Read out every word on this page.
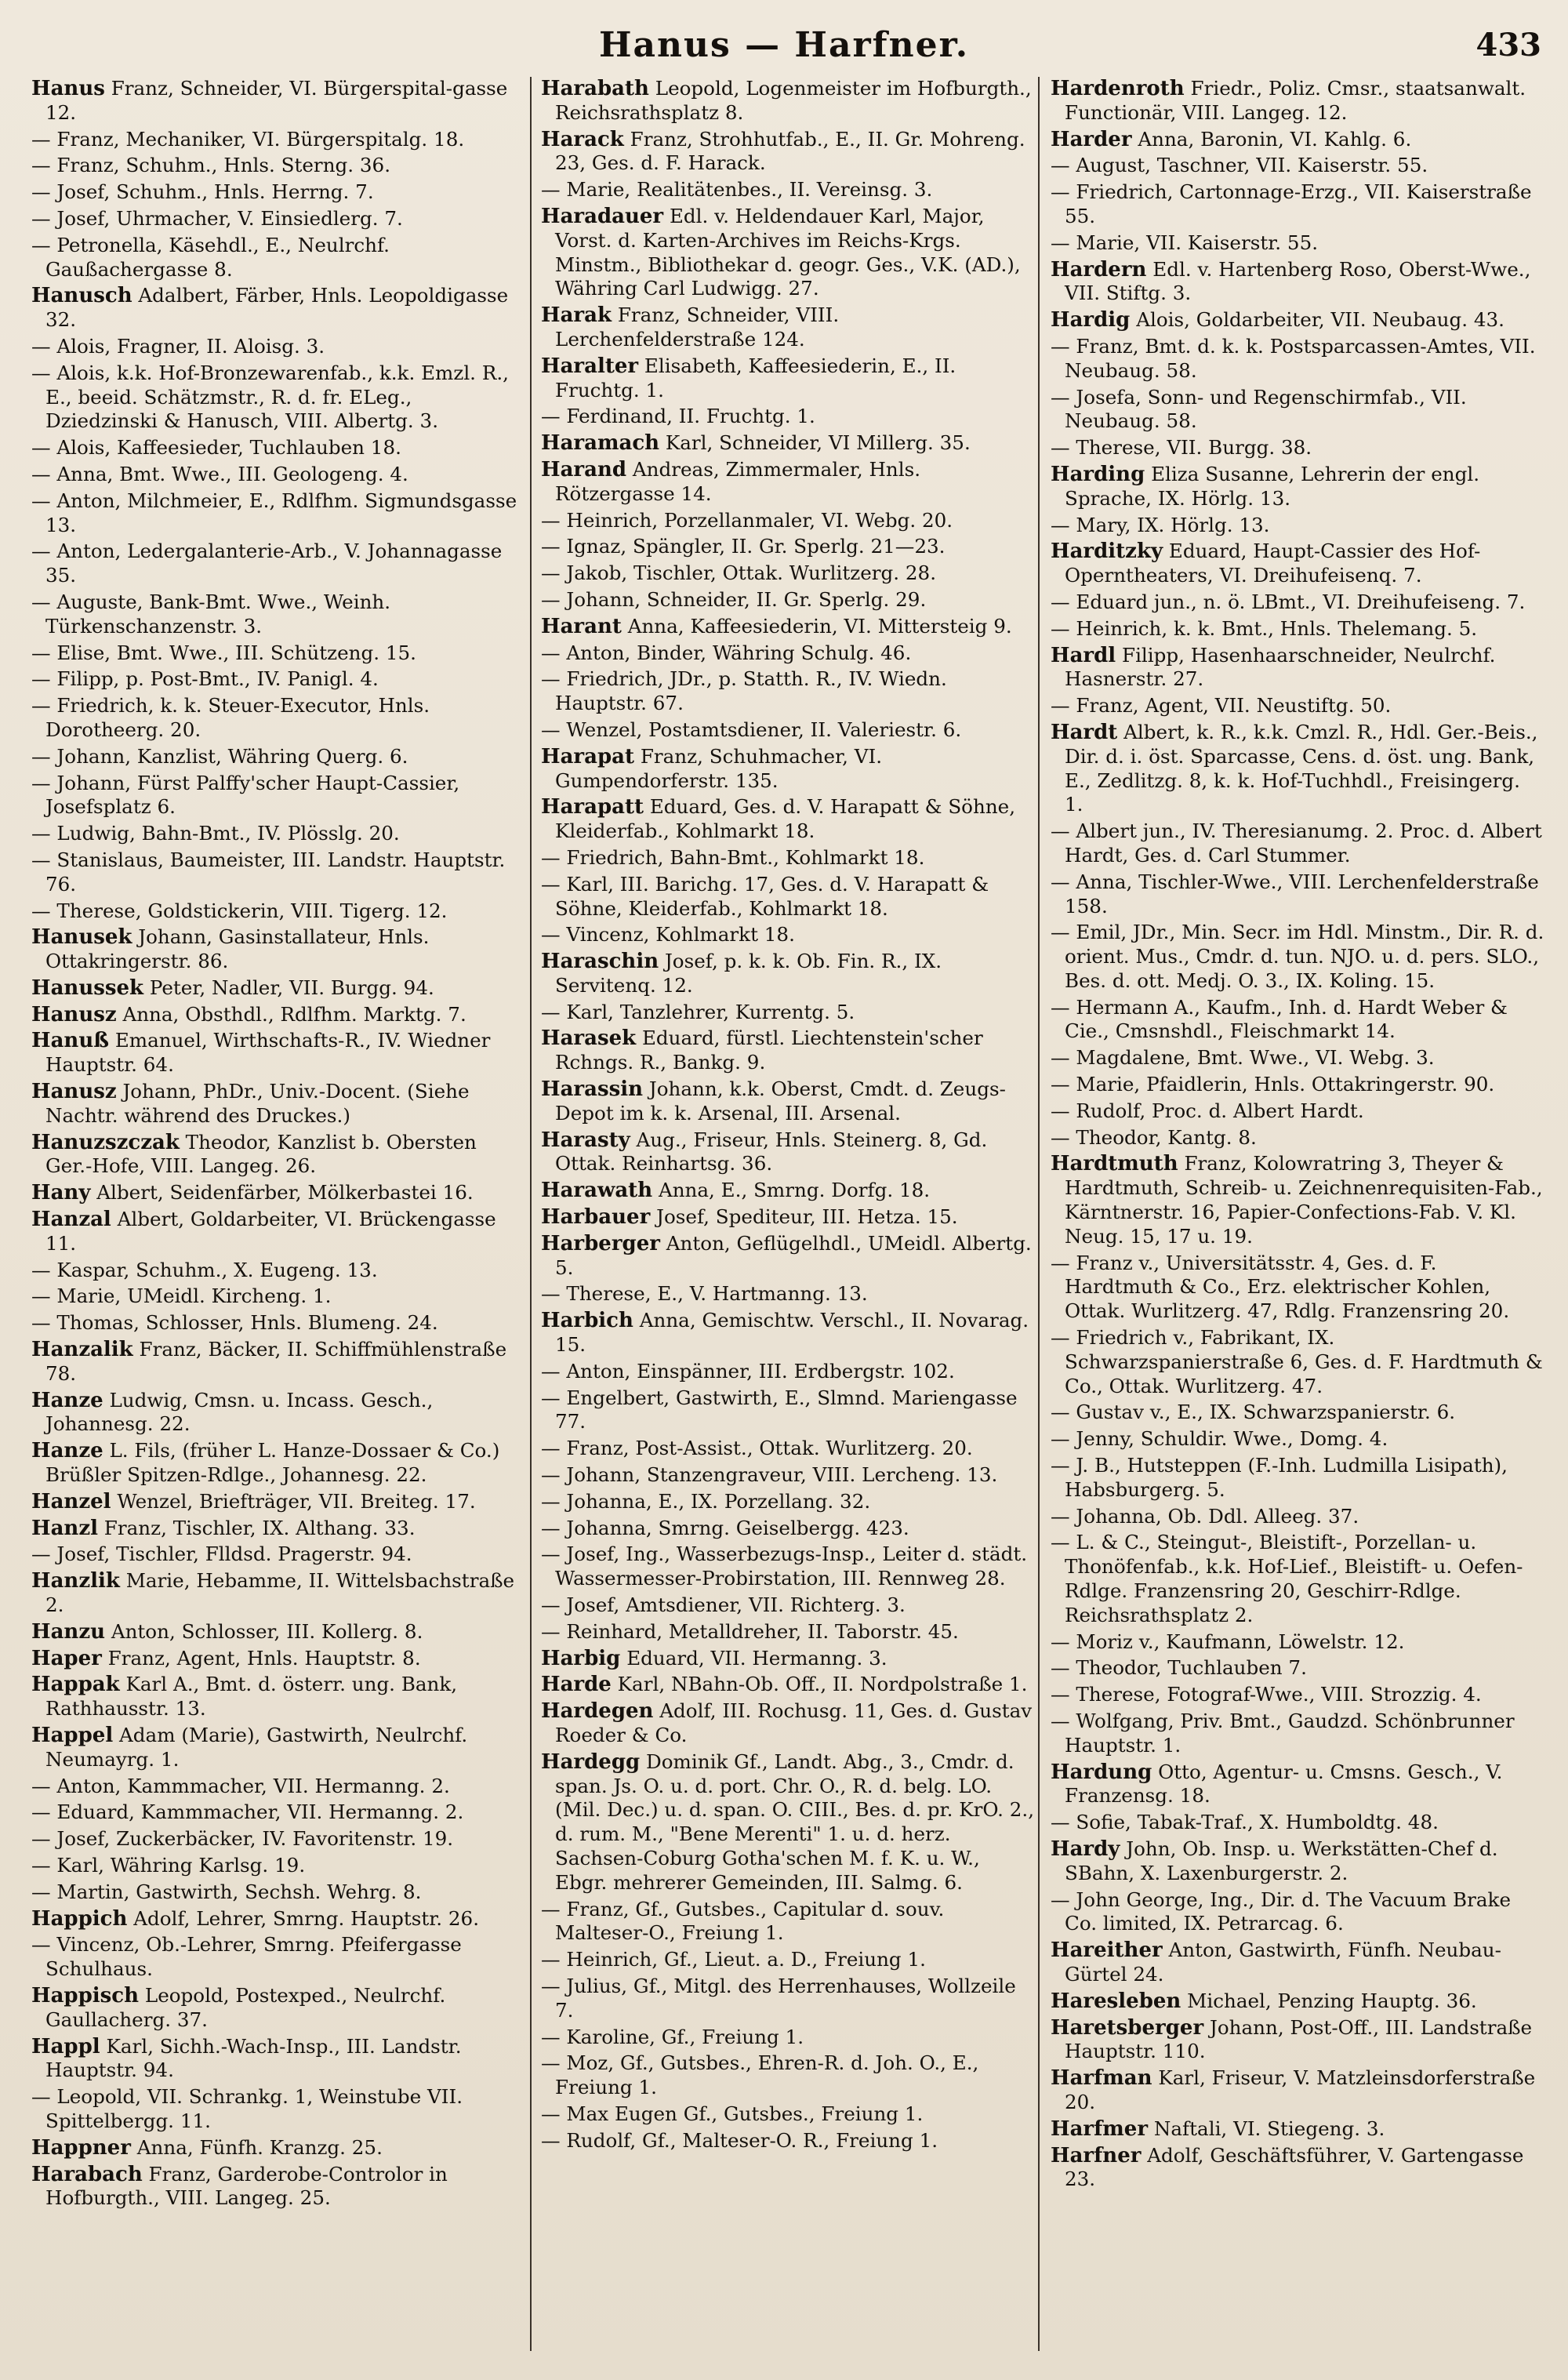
Hanus — Harfner.	433
Hanus Franz, Schneider, VI. Bürgerspital-gasse 12.
— Franz, Mechaniker, VI. Bürgerspitalg. 18.
— Franz, Schuhm., Hnls. Sterng. 36.
— Josef, Schuhm., Hnls. Herrng. 7.
— Josef, Uhrmacher, V. Einsiedlerg. 7.
— Petronella, Käsehdl., E., Neulrchf. Gaußachergasse 8.
Hanusch Adalbert, Färber, Hnls. Leopoldigasse 32.
— Alois, Fragner, II. Aloisg. 3.
— Alois, k.k. Hof-Bronzewarenfab., k.k. Emzl. R., E., beeid. Schätzmstr., R. d. fr. ELeg., Dziedzinski & Hanusch, VIII. Albertg. 3.
— Alois, Kaffeesieder, Tuchlauben 18.
— Anna, Bmt. Wwe., III. Geologeng. 4.
— Anton, Milchmeier, E., Rdlfhm. Sigmundsgasse 13.
— Anton, Ledergalanterie-Arb., V. Johannagasse 35.
— Auguste, Bank-Bmt. Wwe., Weinh. Türkenschanzenstr. 3.
— Elise, Bmt. Wwe., III. Schützeng. 15.
— Filipp, p. Post-Bmt., IV. Panigl. 4.
— Friedrich, k. k. Steuer-Executor, Hnls. Dorotheerg. 20.
— Johann, Kanzlist, Währing Querg. 6.
— Johann, Fürst Palffy'scher Haupt-Cassier, Josefsplatz 6.
— Ludwig, Bahn-Bmt., IV. Plösslg. 20.
— Stanislaus, Baumeister, III. Landstr. Hauptstr. 76.
— Therese, Goldstickerin, VIII. Tigerg. 12.
Hanusek Johann, Gasinstallateur, Hnls. Ottakringerstr. 86.
Hanussek Peter, Nadler, VII. Burgg. 94.
Hanusz Anna, Obsthdl., Rdlfhm. Marktg. 7.
Hanuß Emanuel, Wirthschafts-R., IV. Wiedner Hauptstr. 64.
Hanusz Johann, PhDr., Univ.-Docent. (Siehe Nachtr. während des Druckes.)
Hanuzszczak Theodor, Kanzlist b. Obersten Ger.-Hofe, VIII. Langeg. 26.
Hany Albert, Seidenfärber, Mölkerbastei 16.
Hanzal Albert, Goldarbeiter, VI. Brückengasse 11.
— Kaspar, Schuhm., X. Eugeng. 13.
— Marie, UMeidl. Kircheng. 1.
— Thomas, Schlosser, Hnls. Blumeng. 24.
Hanzalik Franz, Bäcker, II. Schiffmühlenstraße 78.
Hanze Ludwig, Cmsn. u. Incass. Gesch., Johannesg. 22.
Hanze L. Fils, (früher L. Hanze-Dossaer & Co.) Brüßler Spitzen-Rdlge., Johannesg. 22.
Hanzel Wenzel, Briefträger, VII. Breiteg. 17.
Hanzl Franz, Tischler, IX. Althang. 33.
— Josef, Tischler, Flldsd. Pragerstr. 94.
Hanzlik Marie, Hebamme, II. Wittelsbachstraße 2.
Hanzu Anton, Schlosser, III. Kollerg. 8.
Haper Franz, Agent, Hnls. Hauptstr. 8.
Happak Karl A., Bmt. d. österr. ung. Bank, Rathhausstr. 13.
Happel Adam (Marie), Gastwirth, Neulrchf. Neumayrg. 1.
— Anton, Kammmacher, VII. Hermanng. 2.
— Eduard, Kammmacher, VII. Hermanng. 2.
— Josef, Zuckerbäcker, IV. Favoritenstr. 19.
— Karl, Währing Karlsg. 19.
— Martin, Gastwirth, Sechsh. Wehrg. 8.
Happich Adolf, Lehrer, Smrng. Hauptstr. 26.
— Vincenz, Ob.-Lehrer, Smrng. Pfeifergasse Schulhaus.
Happisch Leopold, Postexped., Neulrchf. Gaullacherg. 37.
Happl Karl, Sichh.-Wach-Insp., III. Landstr. Hauptstr. 94.
— Leopold, VII. Schrankg. 1, Weinstube VII. Spittelbergg. 11.
Happner Anna, Fünfh. Kranzg. 25.
Harabach Franz, Garderobe-Controlor in Hofburgth., VIII. Langeg. 25.
Harabath Leopold, Logenmeister im Hofburgth., Reichsrathsplatz 8.
Harack Franz, Strohhutfab., E., II. Gr. Mohreng. 23, Ges. d. F. Harack.
— Marie, Realitätenbes., II. Vereinsg. 3.
Haradauer Edl. v. Heldendauer Karl, Major, Vorst. d. Karten-Archives im Reichs-Krgs. Minstm., Bibliothekar d. geogr. Ges., V.K. (AD.), Währing Carl Ludwigg. 27.
Harak Franz, Schneider, VIII. Lerchenfelderstraße 124.
Haralter Elisabeth, Kaffeesiederin, E., II. Fruchtg. 1.
— Ferdinand, II. Fruchtg. 1.
Haramach Karl, Schneider, VI Millerg. 35.
Harand Andreas, Zimmermaler, Hnls. Rötzergasse 14.
— Heinrich, Porzellanmaler, VI. Webg. 20.
— Ignaz, Spängler, II. Gr. Sperlg. 21—23.
— Jakob, Tischler, Ottak. Wurlitzerg. 28.
— Johann, Schneider, II. Gr. Sperlg. 29.
Harant Anna, Kaffeesiederin, VI. Mittersteig 9.
— Anton, Binder, Währing Schulg. 46.
— Friedrich, JDr., p. Statth. R., IV. Wiedn. Hauptstr. 67.
— Wenzel, Postamtsdiener, II. Valeriestr. 6.
Harapat Franz, Schuhmacher, VI. Gumpendorferstr. 135.
Harapatt Eduard, Ges. d. V. Harapatt & Söhne, Kleiderfab., Kohlmarkt 18.
— Friedrich, Bahn-Bmt., Kohlmarkt 18.
— Karl, III. Barichg. 17, Ges. d. V. Harapatt & Söhne, Kleiderfab., Kohlmarkt 18.
— Vincenz, Kohlmarkt 18.
Haraschin Josef, p. k. k. Ob. Fin. R., IX. Servitenq. 12.
— Karl, Tanzlehrer, Kurrentg. 5.
Harasek Eduard, fürstl. Liechtenstein'scher Rchngs. R., Bankg. 9.
Harassin Johann, k.k. Oberst, Cmdt. d. Zeugs-Depot im k. k. Arsenal, III. Arsenal.
Harasty Aug., Friseur, Hnls. Steinerg. 8, Gd. Ottak. Reinhartsg. 36.
Harawath Anna, E., Smrng. Dorfg. 18.
Harbauer Josef, Spediteur, III. Hetza. 15.
Harberger Anton, Geflügelhdl., UMeidl. Albertg. 5.
— Therese, E., V. Hartmanng. 13.
Harbich Anna, Gemischtw. Verschl., II. Novarag. 15.
— Anton, Einspänner, III. Erdbergstr. 102.
— Engelbert, Gastwirth, E., Slmnd. Mariengasse 77.
— Franz, Post-Assist., Ottak. Wurlitzerg. 20.
— Johann, Stanzengraveur, VIII. Lercheng. 13.
— Johanna, E., IX. Porzellang. 32.
— Johanna, Smrng. Geiselbergg. 423.
— Josef, Ing., Wasserbezugs-Insp., Leiter d. städt. Wassermesser-Probirstation, III. Rennweg 28.
— Josef, Amtsdiener, VII. Richterg. 3.
— Reinhard, Metalldreher, II. Taborstr. 45.
Harbig Eduard, VII. Hermanng. 3.
Harde Karl, NBahn-Ob. Off., II. Nordpolstraße 1.
Hardegen Adolf, III. Rochusg. 11, Ges. d. Gustav Roeder & Co.
Hardegg Dominik Gf., Landt. Abg., 3., Cmdr. d. span. Js. O. u. d. port. Chr. O., R. d. belg. LO. (Mil. Dec.) u. d. span. O. CIII., Bes. d. pr. KrO. 2., d. rum. M., "Bene Merenti" 1. u. d. herz. Sachsen-Coburg Gotha'schen M. f. K. u. W., Ebgr. mehrerer Gemeinden, III. Salmg. 6.
— Franz, Gf., Gutsbes., Capitular d. souv. Malteser-O., Freiung 1.
— Heinrich, Gf., Lieut. a. D., Freiung 1.
— Julius, Gf., Mitgl. des Herrenhauses, Wollzeile 7.
— Karoline, Gf., Freiung 1.
— Moz, Gf., Gutsbes., Ehren-R. d. Joh. O., E., Freiung 1.
— Max Eugen Gf., Gutsbes., Freiung 1.
— Rudolf, Gf., Malteser-O. R., Freiung 1.
Hardenroth Friedr., Poliz. Cmsr., staatsanwalt. Functionär, VIII. Langeg. 12.
Harder Anna, Baronin, VI. Kahlg. 6.
— August, Taschner, VII. Kaiserstr. 55.
— Friedrich, Cartonnage-Erzg., VII. Kaiserstraße 55.
— Marie, VII. Kaiserstr. 55.
Hardern Edl. v. Hartenberg Roso, Oberst-Wwe., VII. Stiftg. 3.
Hardig Alois, Goldarbeiter, VII. Neubaug. 43.
— Franz, Bmt. d. k. k. Postsparcassen-Amtes, VII. Neubaug. 58.
— Josefa, Sonn- und Regenschirmfab., VII. Neubaug. 58.
— Therese, VII. Burgg. 38.
Harding Eliza Susanne, Lehrerin der engl. Sprache, IX. Hörlg. 13.
— Mary, IX. Hörlg. 13.
Harditzky Eduard, Haupt-Cassier des Hof-Operntheaters, VI. Dreihufeisenq. 7.
— Eduard jun., n. ö. LBmt., VI. Dreihufeiseng. 7.
— Heinrich, k. k. Bmt., Hnls. Thelemang. 5.
Hardl Filipp, Hasenhaarschneider, Neulrchf. Hasnerstr. 27.
— Franz, Agent, VII. Neustiftg. 50.
Hardt Albert, k. R., k.k. Cmzl. R., Hdl. Ger.-Beis., Dir. d. i. öst. Sparcasse, Cens. d. öst. ung. Bank, E., Zedlitzg. 8, k. k. Hof-Tuchhdl., Freisingerg. 1.
— Albert jun., IV. Theresianumg. 2. Proc. d. Albert Hardt, Ges. d. Carl Stummer.
— Anna, Tischler-Wwe., VIII. Lerchenfelderstraße 158.
— Emil, JDr., Min. Secr. im Hdl. Minstm., Dir. R. d. orient. Mus., Cmdr. d. tun. NJO. u. d. pers. SLO., Bes. d. ott. Medj. O. 3., IX. Koling. 15.
— Hermann A., Kaufm., Inh. d. Hardt Weber & Cie., Cmsnshdl., Fleischmarkt 14.
— Magdalene, Bmt. Wwe., VI. Webg. 3.
— Marie, Pfaidlerin, Hnls. Ottakringerstr. 90.
— Rudolf, Proc. d. Albert Hardt.
— Theodor, Kantg. 8.
Hardtmuth Franz, Kolowratring 3, Theyer & Hardtmuth, Schreib- u. Zeichnenrequisiten-Fab., Kärntnerstr. 16, Papier-Confections-Fab. V. Kl. Neug. 15, 17 u. 19.
— Franz v., Universitätsstr. 4, Ges. d. F. Hardtmuth & Co., Erz. elektrischer Kohlen, Ottak. Wurlitzerg. 47, Rdlg. Franzensring 20.
— Friedrich v., Fabrikant, IX. Schwarzspanierstraße 6, Ges. d. F. Hardtmuth & Co., Ottak. Wurlitzerg. 47.
— Gustav v., E., IX. Schwarzspanierstr. 6.
— Jenny, Schuldir. Wwe., Domg. 4.
— J. B., Hutsteppen (F.-Inh. Ludmilla Lisipath), Habsburgerg. 5.
— Johanna, Ob. Ddl. Alleeg. 37.
— L. & C., Steingut-, Bleistift-, Porzellan- u. Thonöfenfab., k.k. Hof-Lief., Bleistift- u. Oefen-Rdlge. Franzensring 20, Geschirr-Rdlge. Reichsrathsplatz 2.
— Moriz v., Kaufmann, Löwelstr. 12.
— Theodor, Tuchlauben 7.
— Therese, Fotograf-Wwe., VIII. Strozzig. 4.
— Wolfgang, Priv. Bmt., Gaudzd. Schönbrunner Hauptstr. 1.
Hardung Otto, Agentur- u. Cmsns. Gesch., V. Franzensg. 18.
— Sofie, Tabak-Traf., X. Humboldtg. 48.
Hardy John, Ob. Insp. u. Werkstätten-Chef d. SBahn, X. Laxenburgerstr. 2.
— John George, Ing., Dir. d. The Vacuum Brake Co. limited, IX. Petrarcag. 6.
Hareither Anton, Gastwirth, Fünfh. Neubau-Gürtel 24.
Haresleben Michael, Penzing Hauptg. 36.
Haretsberger Johann, Post-Off., III. Landstraße Hauptstr. 110.
Harfman Karl, Friseur, V. Matzleinsdorferstraße 20.
Harfmer Naftali, VI. Stiegeng. 3.
Harfner Adolf, Geschäftsführer, V. Gartengasse 23.
